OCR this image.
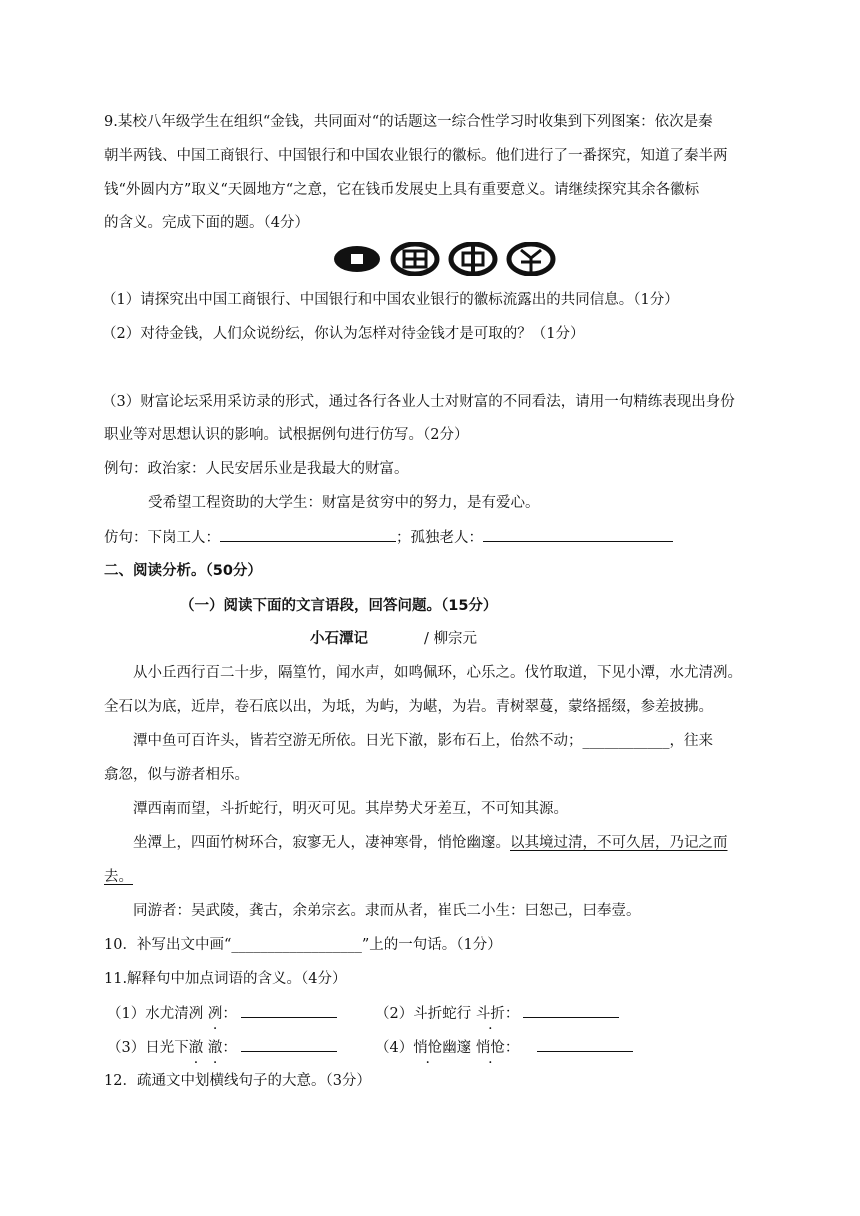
9.某校八年级学生在组织“金钱，共同面对“的话题这一综合性学习时收集到下列图案：依次是秦
朝半两钱、中国工商银行、中国银行和中国农业银行的徽标。他们进行了一番探究，知道了秦半两
钱“外圆内方”取义“天圆地方“之意，它在钱币发展史上具有重要意义。请继续探究其余各徽标
的含义。完成下面的题。（4分）
（1）请探究出中国工商银行、中国银行和中国农业银行的徽标流露出的共同信息。（1分）
（2）对待金钱，人们众说纷纭，你认为怎样对待金钱才是可取的？（1分）
（3）财富论坛采用采访录的形式，通过各行各业人士对财富的不同看法，请用一句精练表现出身份
职业等对思想认识的影响。试根据例句进行仿写。（2分）
例句：政治家：人民安居乐业是我最大的财富。
受希望工程资助的大学生：财富是贫穷中的努力，是有爱心。
仿句：下岗工人：	；孤独老人：
二、阅读分析。（50分）
（一）阅读下面的文言语段，回答问题。（15分）
小石潭记	/ 柳宗元
从小丘西行百二十步，隔篁竹，闻水声，如鸣佩环，心乐之。伐竹取道，下见小潭，水尤清冽。
全石以为底，近岸，卷石底以出，为坻，为屿，为嵁，为岩。青树翠蔓，蒙络摇缀，参差披拂。
潭中鱼可百许头，皆若空游无所依。日光下澈，影布石上，佁然不动；____________，往来
翕忽，似与游者相乐。
潭西南而望，斗折蛇行，明灭可见。其岸势犬牙差互，不可知其源。
坐潭上，四面竹树环合，寂寥无人，凄神寒骨，悄怆幽邃。以其境过清，不可久居，乃记之而
去。
同游者：吴武陵，龚古，余弟宗玄。隶而从者，崔氏二小生：曰恕己，曰奉壹。
10．补写出文中画“__________________”上的一句话。（1分）
11.解释句中加点词语的含义。（4分）
（1）水尤清冽 冽：	（2）斗折蛇行 斗折：
（3）日光下澈 澈：	（4）悄怆幽邃 悄怆：
12．疏通文中划横线句子的大意。（3分）
